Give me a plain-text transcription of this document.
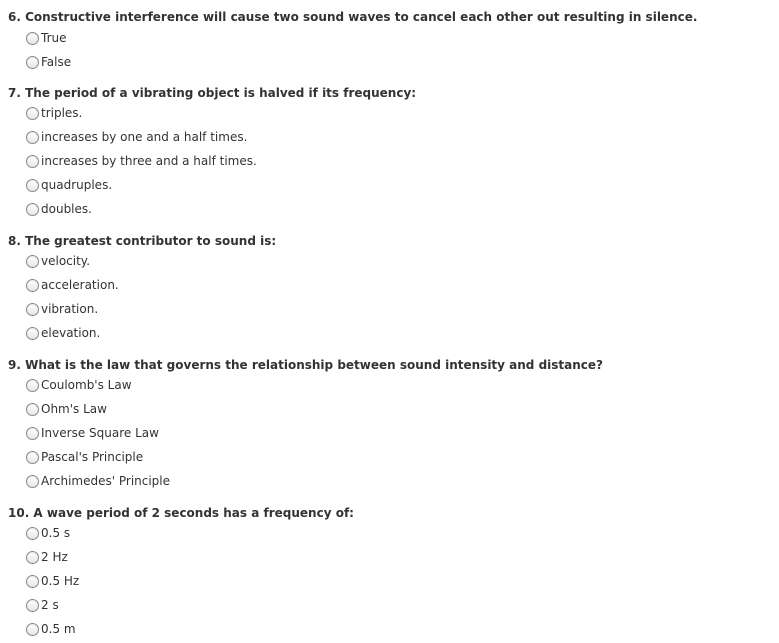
6. Constructive interference will cause two sound waves to cancel each other out resulting in silence.
True
False
7. The period of a vibrating object is halved if its frequency:
triples.
increases by one and a half times.
increases by three and a half times.
quadruples.
doubles.
8. The greatest contributor to sound is:
velocity.
acceleration.
vibration.
elevation.
9. What is the law that governs the relationship between sound intensity and distance?
Coulomb's Law
Ohm's Law
Inverse Square Law
Pascal's Principle
Archimedes' Principle
10. A wave period of 2 seconds has a frequency of:
0.5 s
2 Hz
0.5 Hz
2 s
0.5 m
